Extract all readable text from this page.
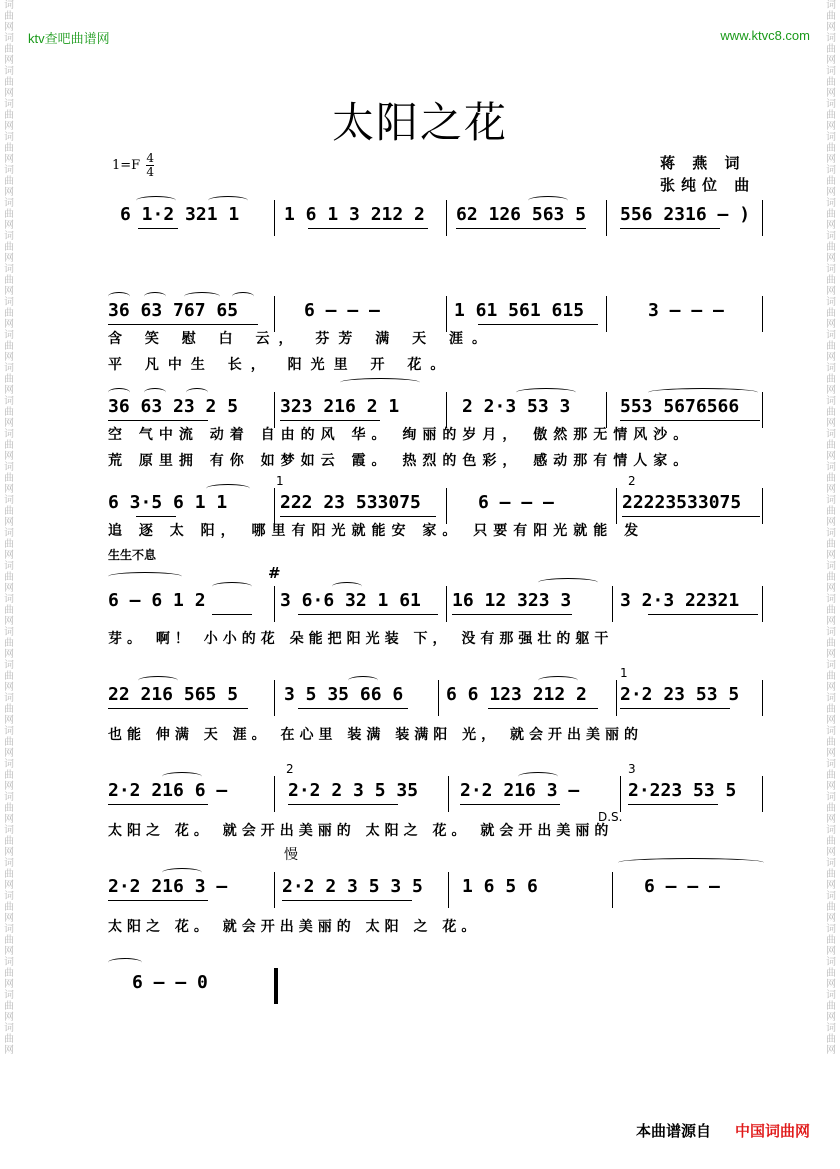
词曲网
词曲网
词曲网
词曲网
词曲网
词曲网
词曲网
词曲网
词曲网
词曲网
词曲网
词曲网
词曲网
词曲网
词曲网
词曲网
词曲网
词曲网
词曲网
词曲网
词曲网
词曲网
词曲网
词曲网
词曲网
词曲网
词曲网
词曲网
词曲网
词曲网
词曲网
词曲网
词曲网
词曲网
词曲网
词曲网
词曲网
词曲网
词曲网
词曲网
词曲网
词曲网
词曲网
词曲网
词曲网
词曲网
词曲网
词曲网
词曲网
词曲网
词曲网
词曲网
词曲网
词曲网
词曲网
词曲网
词曲网
词曲网
词曲网
词曲网
词曲网
词曲网
词曲网
词曲网
ktv查吧曲谱网	www.ktvc8.com
太阳之花
$1=F \frac{4}{4}$	蒋 燕 词
张纯位 曲
6 1·2 321 1 1 6 1 3 212 2 62 126 563 5 556 2316 — )
36 63 767 65	6 — — —	1 61 561 615	3 — — —
含 笑 慰 白 云， 芬芳 满 天 涯。
平 凡中生 长， 阳光里 开 花。
36 63 23 2 5 323 216 2 1	2 2·3 53 3	553 5676566
空 气中流 动着 自由的风 华。 绚丽的岁月， 傲然那无情风沙。
荒 原里拥 有你 如梦如云 霞。 热烈的色彩， 感动那有情人家。
1	2
6 3·5 6 1 1	222 23 533075	6 — — —	22223533075
追 逐 太 阳， 哪里有阳光就能安 家。 只要有阳光就能 发
生生不息
#
6 — 6 1 2	3 6·6 32 1 61 16 12 323 3	3 2·3 22321
芽。 啊！ 小小的花 朵能把阳光装 下， 没有那强壮的躯干
1
22 216 565 5	3 5 35 66 6 6 6 123 212 2 2·2 23 53 5
也能 伸满 天 涯。 在心里 装满 装满阳 光， 就会开出美丽的
2	3
2·2 216 6 —	2·2 2 3 5 35 2·2 216 3 —	2·223 53 5
D.S.
太阳之 花。 就会开出美丽的 太阳之 花。 就会开出美丽的
慢
2·2 216 3 —	2·2 2 3 5 3 5 1 6 5 6	6 — — —
太阳之 花。 就会开出美丽的 太阳 之 花。
6 — — 0
本曲谱源自 中国词曲网
